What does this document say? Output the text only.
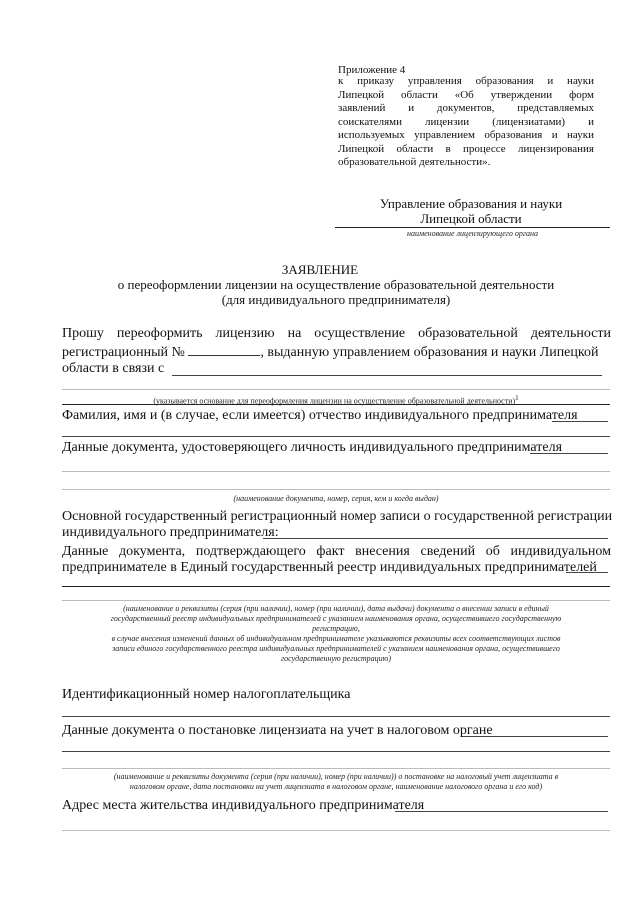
Приложение 4
к приказу управления образования и науки
Липецкой области «Об утверждении форм
заявлений и документов, представляемых
соискателями лицензии (лицензиатами) и
используемых управлением образования и науки
Липецкой области в процессе лицензирования
образовательной деятельности».
Управление образования и науки
Липецкой области
наименование лицензирующего органа
ЗАЯВЛЕНИЕ
о переоформлении лицензии на осуществление образовательной деятельности
(для индивидуального предпринимателя)
Прошу переоформить лицензию на осуществление образовательной деятельности
регистрационный №	, выданную управлением образования и науки Липецкой
области в связи с
(указывается основание для переоформления лицензии на осуществление образовательной деятельности)$^1$
Фамилия, имя и (в случае, если имеется) отчество индивидуального предпринимателя
Данные документа, удостоверяющего личность индивидуального предпринимателя
(наименование документа, номер, серия, кем и когда выдан)
Основной государственный регистрационный номер записи о государственной регистрации
индивидуального предпринимателя:
Данные документа, подтверждающего факт внесения сведений об индивидуальном
предпринимателе в Единый государственный реестр индивидуальных предпринимателей
(наименование и реквизиты (серия (при наличии), номер (при наличии), дата выдачи) документа о внесении записи в единый
государственный реестр индивидуальных предпринимателей с указанием наименования органа, осуществившего государственную
регистрацию,
в случае внесения изменений данных об индивидуальном предпринимателе указываются реквизиты всех соответствующих листов
записи единого государственного реестра индивидуальных предпринимателей с указанием наименования органа, осуществившего
государственную регистрацию)
Идентификационный номер налогоплательщика
Данные документа о постановке лицензиата на учет в налоговом органе
(наименование и реквизиты документа (серия (при наличии), номер (при наличии)) о постановке на налоговый учет лицензиата в
налоговом органе, дата постановки на учет лицензиата в налоговом органе, наименование налогового органа и его код)
Адрес места жительства индивидуального предпринимателя
